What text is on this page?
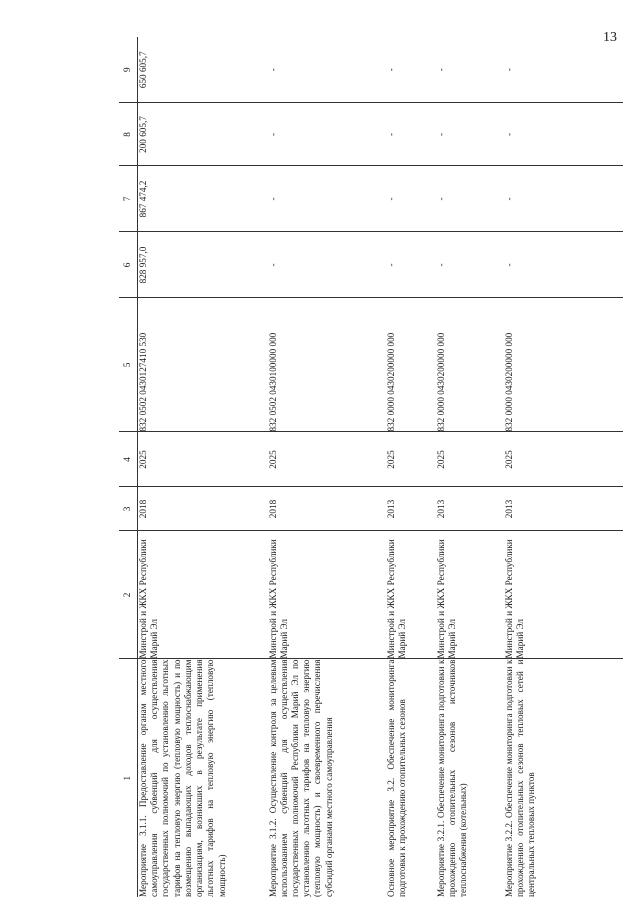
13
1	2	3	4	5	6	7	8	9
Мероприятие 3.1.1. Предоставление органам местного самоуправления субвенций для осуществления государственных полномочий по установлению льготных тарифов на тепловую энергию (тепловую мощность) и по возмещению выпадающих доходов теплоснабжающим организациям, возникших в результате применения льготных тарифов на тепловую энергию (тепловую мощность)	Минстрой и ЖКХ Республики Марий Эл	2018	2025	832 0502 0430127410 530	828 957,0	867 474,2	200 605,7	650 605,7
Мероприятие 3.1.2. Осуществление контроля за целевым использованием субвенций для осуществления государственных полномочий Республики Марий Эл по установлению льготных тарифов на тепловую энергию (тепловую мощность) и своевременного перечисления субсидий органами местного самоуправления	Минстрой и ЖКХ Республики Марий Эл	2018	2025	832 0502 0430100000 000	-	-	-	-
Основное мероприятие 3.2. Обеспечение мониторинга подготовки к прохождению отопительных сезонов	Минстрой и ЖКХ Республики Марий Эл	2013	2025	832 0000 0430200000 000	-	-	-	-
Мероприятие 3.2.1. Обеспечение мониторинга подготовки к прохождению отопительных сезонов источников теплоснабжения (котельных)	Минстрой и ЖКХ Республики Марий Эл	2013	2025	832 0000 0430200000 000	-	-	-	-
Мероприятие 3.2.2. Обеспечение мониторинга подготовки к прохождению отопительных сезонов тепловых сетей и центральных тепловых пунктов	Минстрой и ЖКХ Республики Марий Эл	2013	2025	832 0000 0430200000 000	-	-	-	-
